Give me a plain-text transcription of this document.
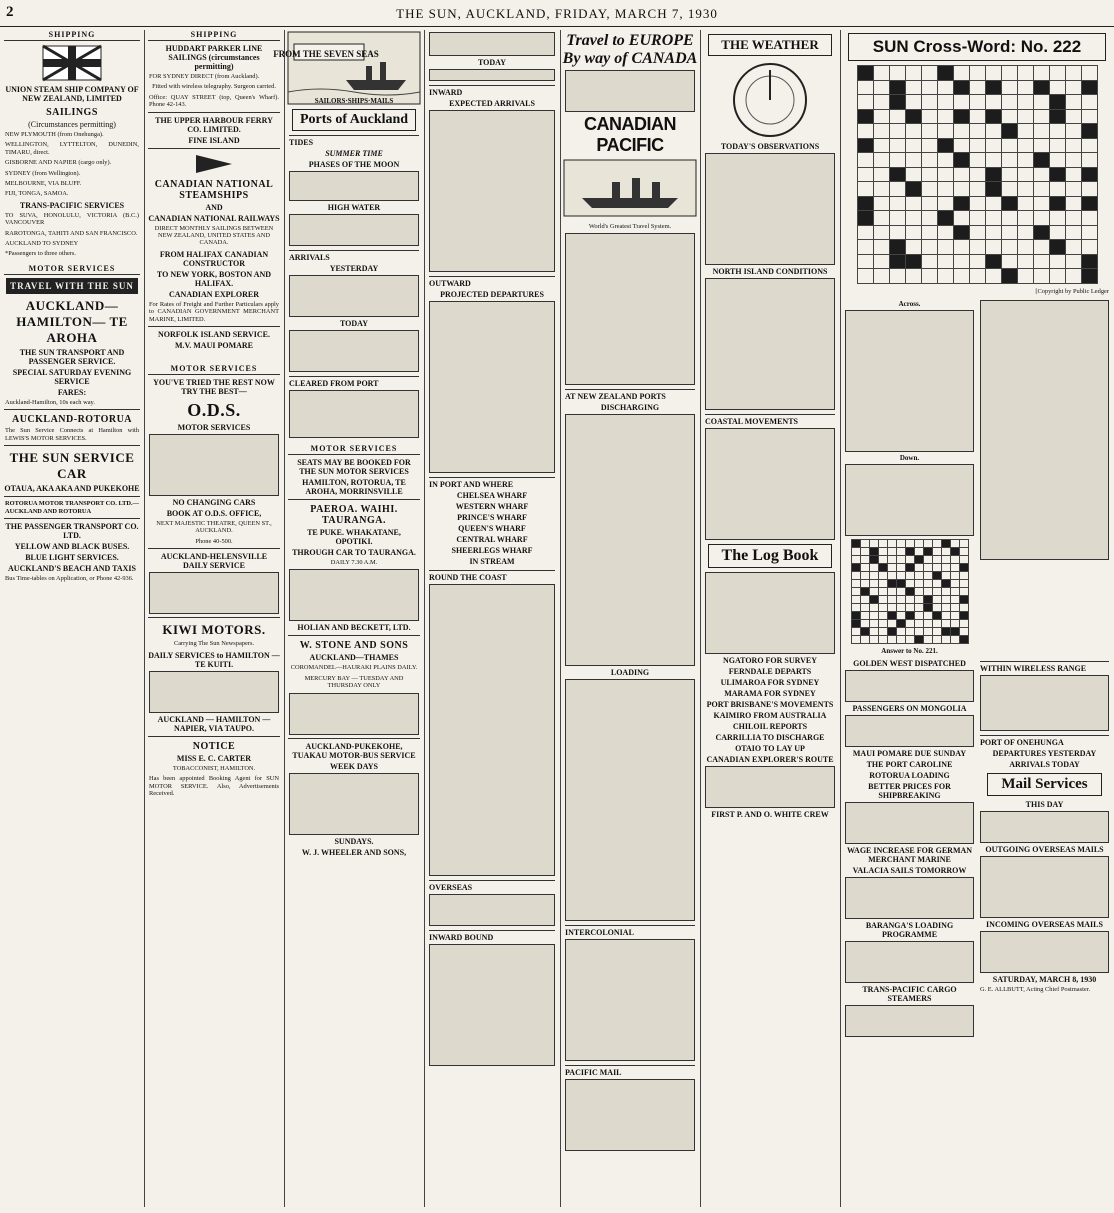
2	THE SUN, AUCKLAND, FRIDAY, MARCH 7, 1930
SHIPPING
UNION STEAM SHIP COMPANY OF NEW ZEALAND, LIMITED
SAILINGS
(Circumstances permitting)
NEW PLYMOUTH (from Onehunga).
WELLINGTON, LYTTELTON, DUNEDIN, TIMARU, direct.
GISBORNE AND NAPIER (cargo only).
SYDNEY (from Wellington).
MELBOURNE, VIA BLUFF.
FIJI, TONGA, SAMOA.
TRANS-PACIFIC SERVICES
TO SUVA, HONOLULU, VICTORIA (B.C.) VANCOUVER
RAROTONGA, TAHITI AND SAN FRANCISCO.
AUCKLAND TO SYDNEY
*Passengers to three others.
MOTOR SERVICES
TRAVEL WITH THE SUN
AUCKLAND— HAMILTON— TE AROHA
THE SUN TRANSPORT AND PASSENGER SERVICE.
SPECIAL SATURDAY EVENING SERVICE
FARES:
Auckland-Hamilton, 10s each way.
AUCKLAND-ROTORUA
The Sun Service Connects at Hamilton with LEWIS'S MOTOR SERVICES.
THE SUN SERVICE CAR
OTAUA, AKA AKA AND PUKEKOHE
ROTORUA MOTOR TRANSPORT CO. LTD.—AUCKLAND AND ROTORUA
THE PASSENGER TRANSPORT CO. LTD.
YELLOW AND BLACK BUSES.
BLUE LIGHT SERVICES.
AUCKLAND'S BEACH AND TAXIS
Bus Time-tables on Application, or Phone 42-936.
SHIPPING
HUDDART PARKER LINE SAILINGS (circumstances permitting)
FOR SYDNEY DIRECT (from Auckland).
Fitted with wireless telegraphy. Surgeon carried.
Office: QUAY STREET (top, Queen's Wharf). Phone 42-143.
THE UPPER HARBOUR FERRY CO. LIMITED.
FINE ISLAND
CANADIAN NATIONAL STEAMSHIPS
AND
CANADIAN NATIONAL RAILWAYS
DIRECT MONTHLY SAILINGS BETWEEN NEW ZEALAND, UNITED STATES AND CANADA.
FROM HALIFAX CANADIAN CONSTRUCTOR
TO NEW YORK, BOSTON AND HALIFAX.
CANADIAN EXPLORER
For Rates of Freight and Further Particulars apply to CANADIAN GOVERNMENT MERCHANT MARINE, LIMITED.
NORFOLK ISLAND SERVICE.
M.V. MAUI POMARE
MOTOR SERVICES
YOU'VE TRIED THE REST NOW TRY THE BEST—
O.D.S.
MOTOR SERVICES
NO CHANGING CARS
BOOK AT O.D.S. OFFICE,
NEXT MAJESTIC THEATRE, QUEEN ST., AUCKLAND.
Phone 40-500.
AUCKLAND-HELENSVILLE DAILY SERVICE
KIWI MOTORS.
Carrying The Sun Newspapers.
DAILY SERVICES to HAMILTON — TE KUITI.
AUCKLAND — HAMILTON — NAPIER, VIA TAUPO.
NOTICE
MISS E. C. CARTER
TOBACCONIST, HAMILTON.
Has been appointed Booking Agent for SUN MOTOR SERVICE. Also, Advertisements Received.
FROM THE SEVEN SEAS
SAILORS·SHIPS·MAILS
Ports of Auckland
TIDES
SUMMER TIME
PHASES OF THE MOON
HIGH WATER
ARRIVALS
YESTERDAY
TODAY
CLEARED FROM PORT
MOTOR SERVICES
SEATS MAY BE BOOKED FOR THE SUN MOTOR SERVICES
HAMILTON, ROTORUA, TE AROHA, MORRINSVILLE
PAEROA. WAIHI. TAURANGA.
TE PUKE. WHAKATANE, OPOTIKI.
THROUGH CAR TO TAURANGA.
DAILY 7.30 A.M.
HOLIAN AND BECKETT, LTD.
W. STONE AND SONS
AUCKLAND—THAMES
COROMANDEL—HAURAKI PLAINS DAILY.
MERCURY BAY — TUESDAY AND THURSDAY ONLY
AUCKLAND-PUKEKOHE, TUAKAU MOTOR-BUS SERVICE
WEEK DAYS
SUNDAYS.
W. J. WHEELER AND SONS,
TODAY
INWARD
EXPECTED ARRIVALS
OUTWARD
PROJECTED DEPARTURES
IN PORT AND WHERE
CHELSEA WHARF
WESTERN WHARF
PRINCE'S WHARF
QUEEN'S WHARF
CENTRAL WHARF
SHEERLEGS WHARF
IN STREAM
ROUND THE COAST
OVERSEAS
INWARD BOUND
Travel to EUROPE By way of CANADA
CANADIAN PACIFIC
World's Greatest Travel System.
AT NEW ZEALAND PORTS
DISCHARGING
LOADING
INTERCOLONIAL
PACIFIC MAIL
THE WEATHER
TODAY'S OBSERVATIONS
NORTH ISLAND CONDITIONS
COASTAL MOVEMENTS
The Log Book
NGATORO FOR SURVEY
FERNDALE DEPARTS
ULIMAROA FOR SYDNEY
MARAMA FOR SYDNEY
PORT BRISBANE'S MOVEMENTS
KAIMIRO FROM AUSTRALIA
CHILOIL REPORTS
CARRILLIA TO DISCHARGE
OTAIO TO LAY UP
CANADIAN EXPLORER'S ROUTE
FIRST P. AND O. WHITE CREW
SUN Cross-Word: No. 222

[Copyright by Public Ledger
Across.
Down.

Answer to No. 221.
GOLDEN WEST DISPATCHED
PASSENGERS ON MONGOLIA
MAUI POMARE DUE SUNDAY
THE PORT CAROLINE
ROTORUA LOADING
BETTER PRICES FOR SHIPBREAKING
WAGE INCREASE FOR GERMAN MERCHANT MARINE
VALACIA SAILS TOMORROW
BARANGA'S LOADING PROGRAMME
TRANS-PACIFIC CARGO STEAMERS
WITHIN WIRELESS RANGE
PORT OF ONEHUNGA
DEPARTURES YESTERDAY
ARRIVALS TODAY
Mail Services
THIS DAY
OUTGOING OVERSEAS MAILS
INCOMING OVERSEAS MAILS
SATURDAY, MARCH 8, 1930
G. E. ALLBUTT, Acting Chief Postmaster.
